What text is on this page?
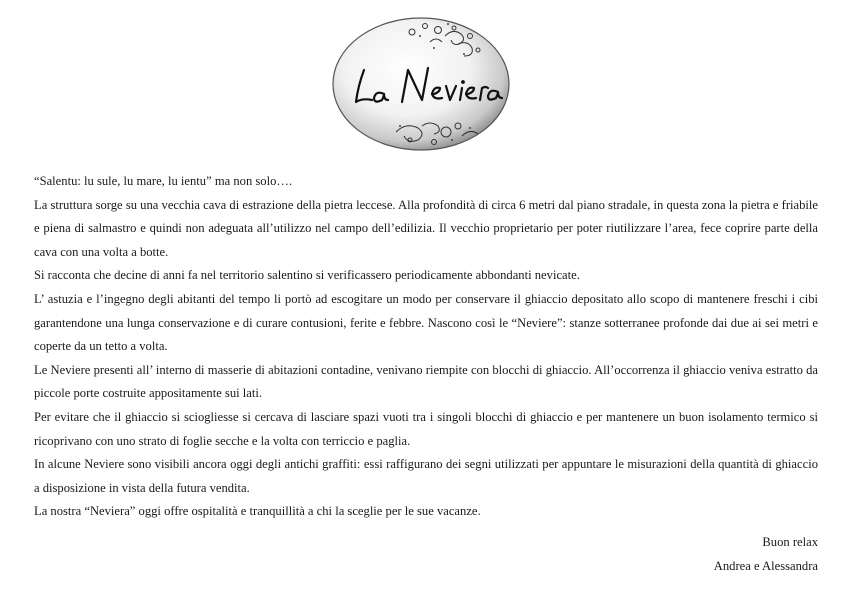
“Salentu: lu sule, lu mare, lu ientu” ma non solo….

La struttura sorge su una vecchia cava di estrazione della pietra leccese. Alla profondità di circa 6 metri dal piano stradale, in questa zona la pietra e friabile e piena di salmastro e quindi non adeguata all’utilizzo nel campo dell’edilizia. Il vecchio proprietario per poter riutilizzare l’area, fece coprire parte della cava con una volta a botte.

Si racconta che decine di anni fa nel territorio salentino si verificassero periodicamente abbondanti nevicate.

L’ astuzia e l’ingegno degli abitanti del tempo li portò ad escogitare un modo per conservare il ghiaccio depositato allo scopo di mantenere freschi i cibi garantendone una lunga conservazione e di curare contusioni, ferite e febbre. Nascono così le “Neviere”: stanze sotterranee profonde dai due ai sei metri e coperte da un tetto a volta.

Le Neviere presenti all’ interno di masserie di abitazioni contadine, venivano riempite con blocchi di ghiaccio. All’occorrenza il ghiaccio veniva estratto da piccole porte costruite appositamente sui lati.

Per evitare che il ghiaccio si sciogliesse si cercava di lasciare spazi vuoti tra i singoli blocchi di ghiaccio e per mantenere un buon isolamento termico si ricoprivano con uno strato di foglie secche e la volta con terriccio e paglia.

In alcune Neviere sono visibili ancora oggi degli antichi graffiti: essi raffigurano dei segni utilizzati per appuntare le misurazioni della quantità di ghiaccio a disposizione in vista della futura vendita.

La nostra “Neviera” oggi offre ospitalità e tranquillità a chi la sceglie per le sue vacanze.

Buon relax
Andrea e Alessandra
